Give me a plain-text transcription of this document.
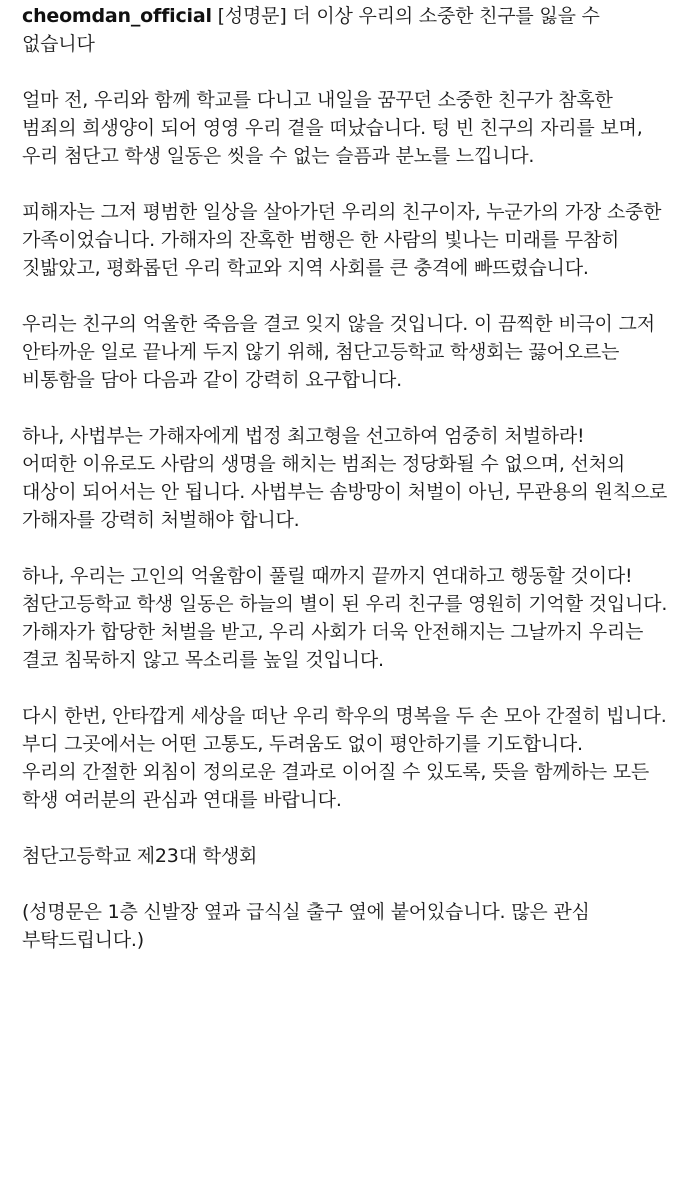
cheomdan_official [성명문] 더 이상 우리의 소중한 친구를 잃을 수 없습니다
얼마 전, 우리와 함께 학교를 다니고 내일을 꿈꾸던 소중한 친구가 참혹한 범죄의 희생양이 되어 영영 우리 곁을 떠났습니다. 텅 빈 친구의 자리를 보며, 우리 첨단고 학생 일동은 씻을 수 없는 슬픔과 분노를 느낍니다.
피해자는 그저 평범한 일상을 살아가던 우리의 친구이자, 누군가의 가장 소중한 가족이었습니다. 가해자의 잔혹한 범행은 한 사람의 빛나는 미래를 무참히 짓밟았고, 평화롭던 우리 학교와 지역 사회를 큰 충격에 빠뜨렸습니다.
우리는 친구의 억울한 죽음을 결코 잊지 않을 것입니다. 이 끔찍한 비극이 그저 안타까운 일로 끝나게 두지 않기 위해, 첨단고등학교 학생회는 끓어오르는 비통함을 담아 다음과 같이 강력히 요구합니다.
하나, 사법부는 가해자에게 법정 최고형을 선고하여 엄중히 처벌하라!
어떠한 이유로도 사람의 생명을 해치는 범죄는 정당화될 수 없으며, 선처의 대상이 되어서는 안 됩니다. 사법부는 솜방망이 처벌이 아닌, 무관용의 원칙으로 가해자를 강력히 처벌해야 합니다.
하나, 우리는 고인의 억울함이 풀릴 때까지 끝까지 연대하고 행동할 것이다!
첨단고등학교 학생 일동은 하늘의 별이 된 우리 친구를 영원히 기억할 것입니다. 가해자가 합당한 처벌을 받고, 우리 사회가 더욱 안전해지는 그날까지 우리는 결코 침묵하지 않고 목소리를 높일 것입니다.
다시 한번, 안타깝게 세상을 떠난 우리 학우의 명복을 두 손 모아 간절히 빕니다. 부디 그곳에서는 어떤 고통도, 두려움도 없이 평안하기를 기도합니다.
우리의 간절한 외침이 정의로운 결과로 이어질 수 있도록, 뜻을 함께하는 모든 학생 여러분의 관심과 연대를 바랍니다.
첨단고등학교 제23대 학생회
(성명문은 1층 신발장 옆과 급식실 출구 옆에 붙어있습니다. 많은 관심 부탁드립니다.)
